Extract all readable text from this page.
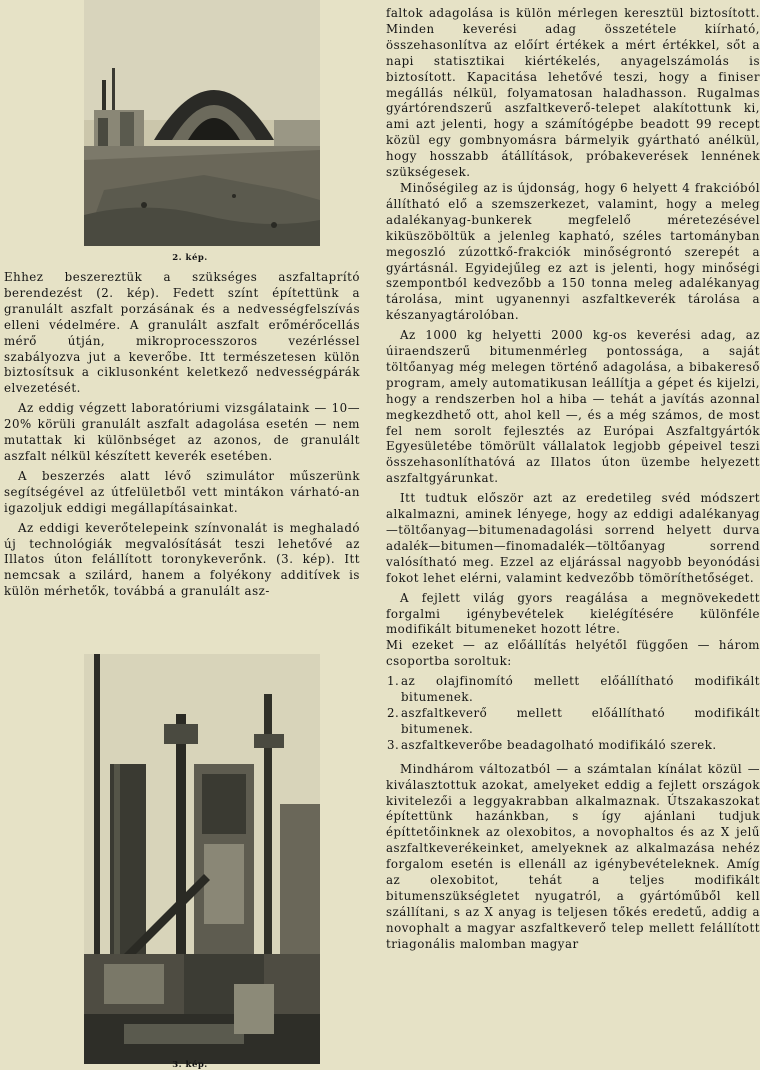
2. kép.

Ehhez beszereztük a szükséges aszfaltaprító berendezést (2. kép). Fedett színt építettünk a granulált aszfalt porzásának és a nedvességfelszívás elleni védelmére. A granulált aszfalt erőmérőcellás mérő útján, mikroprocesszoros vezérléssel szabályozva jut a keverőbe. Itt természetesen külön biztosítsuk a ciklusonként keletkező nedvességpárák elvezetését.

Az eddig végzett laboratóriumi vizsgálataink — 10—20% körüli granulált aszfalt adagolása esetén — nem mutattak ki különbséget az azonos, de granulált aszfalt nélkül készített keverék esetében.

A beszerzés alatt lévő szimulátor műszerünk segítségével az útfelületből vett mintákon várható-an igazoljuk eddigi megállapításainkat.

Az eddigi keverőtelepeink színvonalát is meghaladó új technológiák megvalósítását teszi lehetővé az Illatos úton felállított toronykeverőnk. (3. kép). Itt nemcsak a szilárd, hanem a folyékony additívek is külön mérhetők, továbbá a granulált asz-

3. kép.

faltok adagolása is külön mérlegen keresztül biztosított. Minden keverési adag összetétele kiírható, összehasonlítva az előírt értékek a mért értékkel, sőt a napi statisztikai kiértékelés, anyagelszámolás is biztosított. Kapacitása lehetővé teszi, hogy a finiser megállás nélkül, folyamatosan haladhasson. Rugalmas gyártórendszerű aszfaltkeverő-telepet alakítottunk ki, ami azt jelenti, hogy a számítógépbe beadott 99 recept közül egy gombnyomásra bármelyik gyártható anélkül, hogy hosszabb átállítások, próbakeverések lennének szükségesek.

Minőségileg az is újdonság, hogy 6 helyett 4 frakcióból állítható elő a szemszerkezet, valamint, hogy a meleg adalékanyag-bunkerek megfelelő méretezésével kiküszöböltük a jelenleg kapható, széles tartományban megoszló zúzottkő-frakciók minőségrontó szerepét a gyártásnál. Egyidejűleg ez azt is jelenti, hogy minőségi szempontból kedvezőbb a 150 tonna meleg adalékanyag tárolása, mint ugyanennyi aszfaltkeverék tárolása a készanyagtárolóban.

Az 1000 kg helyetti 2000 kg-os keverési adag, az úiraendszerű bitumenmérleg pontossága, a saját töltőanyag még melegen történő adagolása, a bibakereső program, amely automatikusan leállítja a gépet és kijelzi, hogy a rendszerben hol a hiba — tehát a javítás azonnal megkezdhető ott, ahol kell —, és a még számos, de most fel nem sorolt fejlesztés az Európai Aszfaltgyártók Egyesületébe tömörült vállalatok legjobb gépeivel teszi összehasonlíthatóvá az Illatos úton üzembe helyezett aszfaltgyárunkat.

Itt tudtuk először azt az eredetileg svéd módszert alkalmazni, aminek lényege, hogy az eddigi adalékanyag—töltőanyag—bitumenadagolási sorrend helyett durva adalék—bitumen—finomadalék—töltőanyag sorrend valósítható meg. Ezzel az eljárással nagyobb beyonódási fokot lehet elérni, valamint kedvezőbb tömöríthetőséget.

A fejlett világ gyors reagálása a megnövekedett forgalmi igénybevételek kielégítésére különféle modifikált bitumeneket hozott létre.

Mi ezeket — az előállítás helyétől függően — három csoportba soroltuk:

1. az olajfinomító mellett előállítható modifikált bitumenek.
2. aszfaltkeverő mellett előállítható modifikált bitumenek.
3. aszfaltkeverőbe beadagolható modifikáló szerek.

Mindhárom változatból — a számtalan kínálat közül — kiválasztottuk azokat, amelyeket eddig a fejlett országok kivitelezői a leggyakrabban alkalmaznak. Útszakaszokat építettünk hazánkban, s így ajánlani tudjuk építtetőinknek az olexobitos, a novophaltos és az X jelű aszfaltkeverékeinket, amelyeknek az alkalmazása nehéz forgalom esetén is ellenáll az igénybevételeknek. Amíg az olexobitot, tehát a teljes modifikált bitumenszükségletet nyugatról, a gyártóműből kell szállítani, s az X anyag is teljesen tőkés eredetű, addig a novophalt a magyar aszfaltkeverő telep mellett felállított triagonális malomban magyar
